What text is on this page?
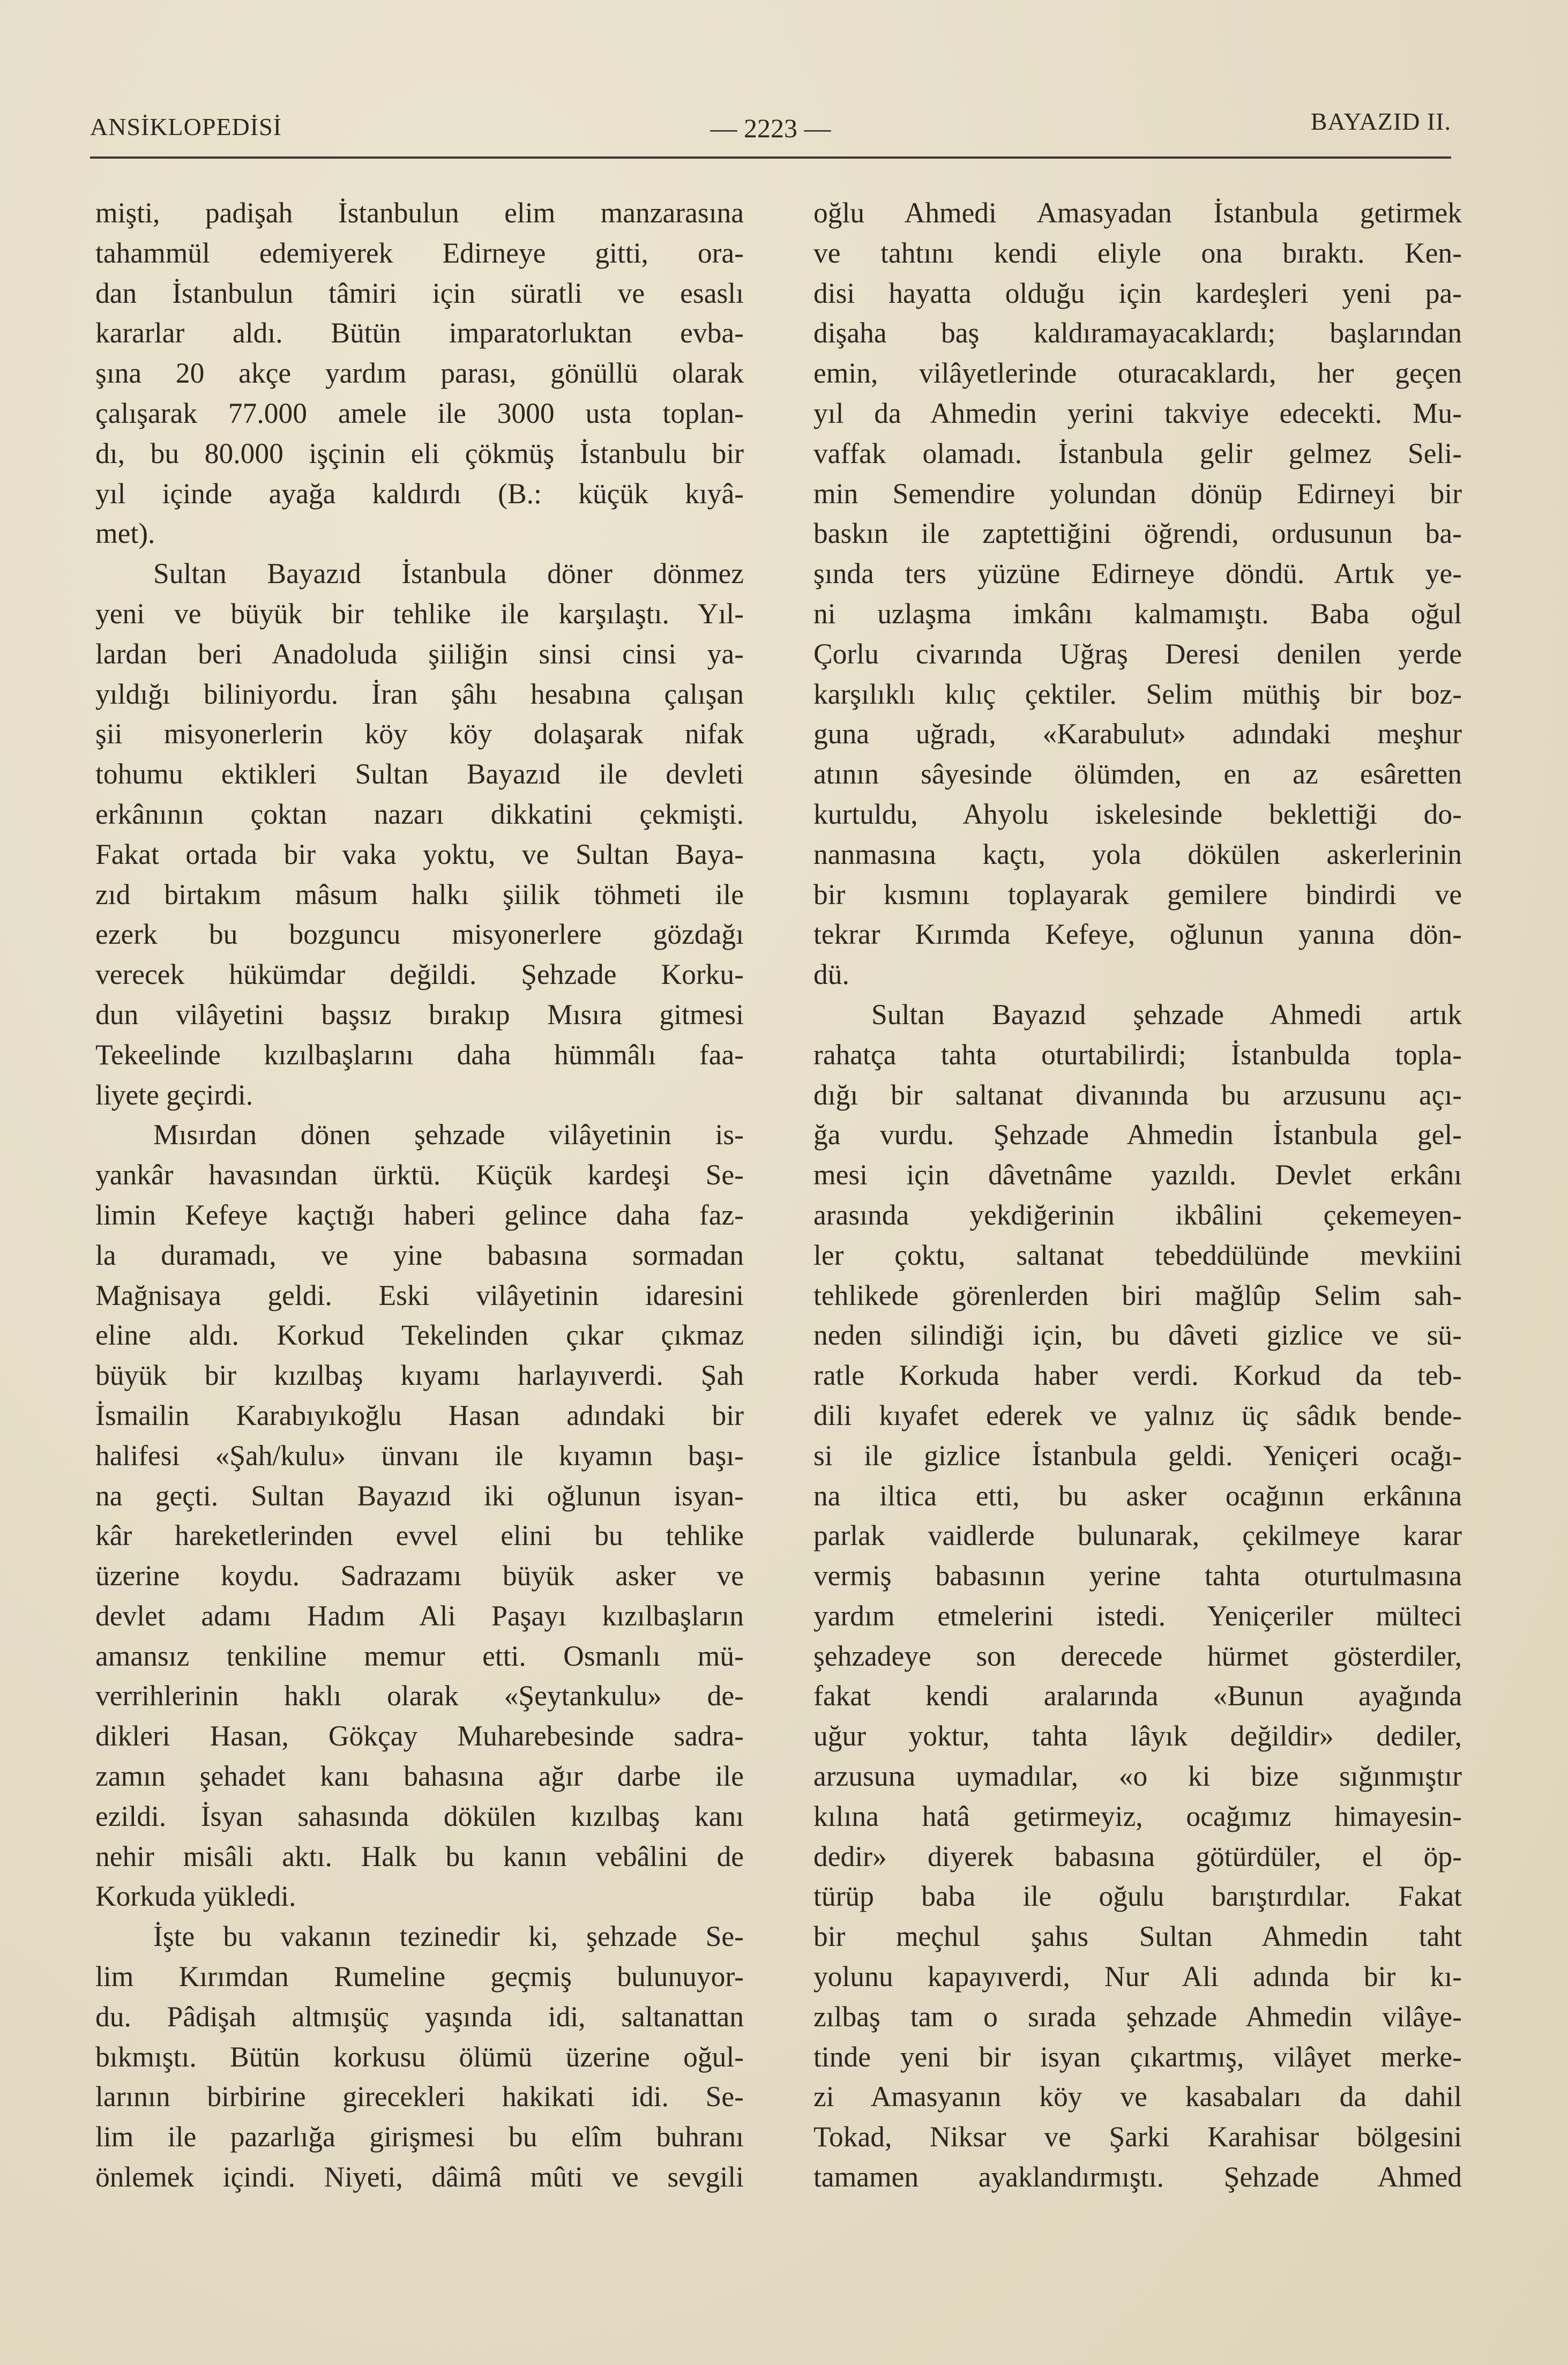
ANSİKLOPEDİSİ	— 2223 —	BAYAZID II.
mişti, padişah İstanbulun elim manzarasına
tahammül edemiyerek Edirneye gitti, ora-
dan İstanbulun tâmiri için süratli ve esaslı
kararlar aldı. Bütün imparatorluktan evba-
şına 20 akçe yardım parası, gönüllü olarak
çalışarak 77.000 amele ile 3000 usta toplan-
dı, bu 80.000 işçinin eli çökmüş İstanbulu bir
yıl içinde ayağa kaldırdı (B.: küçük kıyâ-
met).
Sultan Bayazıd İstanbula döner dönmez
yeni ve büyük bir tehlike ile karşılaştı. Yıl-
lardan beri Anadoluda şiiliğin sinsi cinsi ya-
yıldığı biliniyordu. İran şâhı hesabına çalışan
şii misyonerlerin köy köy dolaşarak nifak
tohumu ektikleri Sultan Bayazıd ile devleti
erkânının çoktan nazarı dikkatini çekmişti.
Fakat ortada bir vaka yoktu, ve Sultan Baya-
zıd birtakım mâsum halkı şiilik töhmeti ile
ezerk bu bozguncu misyonerlere gözdağı
verecek hükümdar değildi. Şehzade Korku-
dun vilâyetini başsız bırakıp Mısıra gitmesi
Tekeelinde kızılbaşlarını daha hümmâlı faa-
liyete geçirdi.
Mısırdan dönen şehzade vilâyetinin is-
yankâr havasından ürktü. Küçük kardeşi Se-
limin Kefeye kaçtığı haberi gelince daha faz-
la duramadı, ve yine babasına sormadan
Mağnisaya geldi. Eski vilâyetinin idaresini
eline aldı. Korkud Tekelinden çıkar çıkmaz
büyük bir kızılbaş kıyamı harlayıverdi. Şah
İsmailin Karabıyıkoğlu Hasan adındaki bir
halifesi «Şah/kulu» ünvanı ile kıyamın başı-
na geçti. Sultan Bayazıd iki oğlunun isyan-
kâr hareketlerinden evvel elini bu tehlike
üzerine koydu. Sadrazamı büyük asker ve
devlet adamı Hadım Ali Paşayı kızılbaşların
amansız tenkiline memur etti. Osmanlı mü-
verrihlerinin haklı olarak «Şeytankulu» de-
dikleri Hasan, Gökçay Muharebesinde sadra-
zamın şehadet kanı bahasına ağır darbe ile
ezildi. İsyan sahasında dökülen kızılbaş kanı
nehir misâli aktı. Halk bu kanın vebâlini de
Korkuda yükledi.
İşte bu vakanın tezinedir ki, şehzade Se-
lim Kırımdan Rumeline geçmiş bulunuyor-
du. Pâdişah altmışüç yaşında idi, saltanattan
bıkmıştı. Bütün korkusu ölümü üzerine oğul-
larının birbirine girecekleri hakikati idi. Se-
lim ile pazarlığa girişmesi bu elîm buhranı
önlemek içindi. Niyeti, dâimâ mûti ve sevgili
oğlu Ahmedi Amasyadan İstanbula getirmek
ve tahtını kendi eliyle ona bıraktı. Ken-
disi hayatta olduğu için kardeşleri yeni pa-
dişaha baş kaldıramayacaklardı; başlarından
emin, vilâyetlerinde oturacaklardı, her geçen
yıl da Ahmedin yerini takviye edecekti. Mu-
vaffak olamadı. İstanbula gelir gelmez Seli-
min Semendire yolundan dönüp Edirneyi bir
baskın ile zaptettiğini öğrendi, ordusunun ba-
şında ters yüzüne Edirneye döndü. Artık ye-
ni uzlaşma imkânı kalmamıştı. Baba oğul
Çorlu civarında Uğraş Deresi denilen yerde
karşılıklı kılıç çektiler. Selim müthiş bir boz-
guna uğradı, «Karabulut» adındaki meşhur
atının sâyesinde ölümden, en az esâretten
kurtuldu, Ahyolu iskelesinde beklettiği do-
nanmasına kaçtı, yola dökülen askerlerinin
bir kısmını toplayarak gemilere bindirdi ve
tekrar Kırımda Kefeye, oğlunun yanına dön-
dü.
Sultan Bayazıd şehzade Ahmedi artık
rahatça tahta oturtabilirdi; İstanbulda topla-
dığı bir saltanat divanında bu arzusunu açı-
ğa vurdu. Şehzade Ahmedin İstanbula gel-
mesi için dâvetnâme yazıldı. Devlet erkânı
arasında yekdiğerinin ikbâlini çekemeyen-
ler çoktu, saltanat tebeddülünde mevkiini
tehlikede görenlerden biri mağlûp Selim sah-
neden silindiği için, bu dâveti gizlice ve sü-
ratle Korkuda haber verdi. Korkud da teb-
dili kıyafet ederek ve yalnız üç sâdık bende-
si ile gizlice İstanbula geldi. Yeniçeri ocağı-
na iltica etti, bu asker ocağının erkânına
parlak vaidlerde bulunarak, çekilmeye karar
vermiş babasının yerine tahta oturtulmasına
yardım etmelerini istedi. Yeniçeriler mülteci
şehzadeye son derecede hürmet gösterdiler,
fakat kendi aralarında «Bunun ayağında
uğur yoktur, tahta lâyık değildir» dediler,
arzusuna uymadılar, «o ki bize sığınmıştır
kılına hatâ getirmeyiz, ocağımız himayesin-
dedir» diyerek babasına götürdüler, el öp-
türüp baba ile oğulu barıştırdılar. Fakat
bir meçhul şahıs Sultan Ahmedin taht
yolunu kapayıverdi, Nur Ali adında bir kı-
zılbaş tam o sırada şehzade Ahmedin vilâye-
tinde yeni bir isyan çıkartmış, vilâyet merke-
zi Amasyanın köy ve kasabaları da dahil
Tokad, Niksar ve Şarki Karahisar bölgesini
tamamen ayaklandırmıştı. Şehzade Ahmed
